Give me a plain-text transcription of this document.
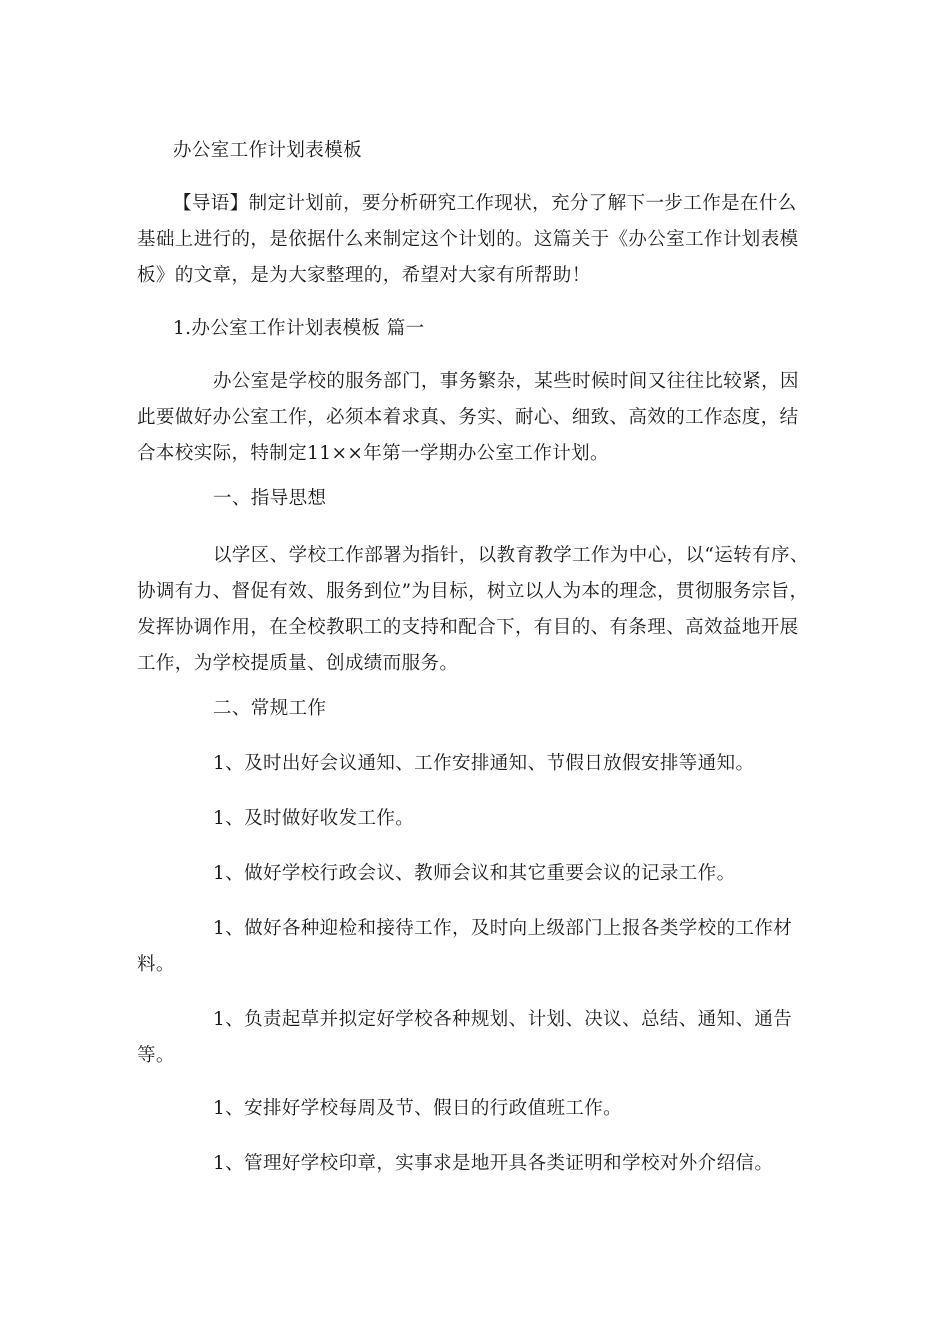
办公室工作计划表模板

【导语】制定计划前，要分析研究工作现状，充分了解下一步工作是在什么基础上进行的，是依据什么来制定这个计划的。这篇关于《办公室工作计划表模板》的文章，是为大家整理的，希望对大家有所帮助！

1.办公室工作计划表模板 篇一

办公室是学校的服务部门，事务繁杂，某些时候时间又往往比较紧，因此要做好办公室工作，必须本着求真、务实、耐心、细致、高效的工作态度，结合本校实际，特制定11××年第一学期办公室工作计划。

一、指导思想

以学区、学校工作部署为指针，以教育教学工作为中心，以“运转有序、协调有力、督促有效、服务到位”为目标，树立以人为本的理念，贯彻服务宗旨，发挥协调作用，在全校教职工的支持和配合下，有目的、有条理、高效益地开展工作，为学校提质量、创成绩而服务。

二、常规工作

1、及时出好会议通知、工作安排通知、节假日放假安排等通知。

1、及时做好收发工作。

1、做好学校行政会议、教师会议和其它重要会议的记录工作。

1、做好各种迎检和接待工作，及时向上级部门上报各类学校的工作材料。

1、负责起草并拟定好学校各种规划、计划、决议、总结、通知、通告等。

1、安排好学校每周及节、假日的行政值班工作。

1、管理好学校印章，实事求是地开具各类证明和学校对外介绍信。
